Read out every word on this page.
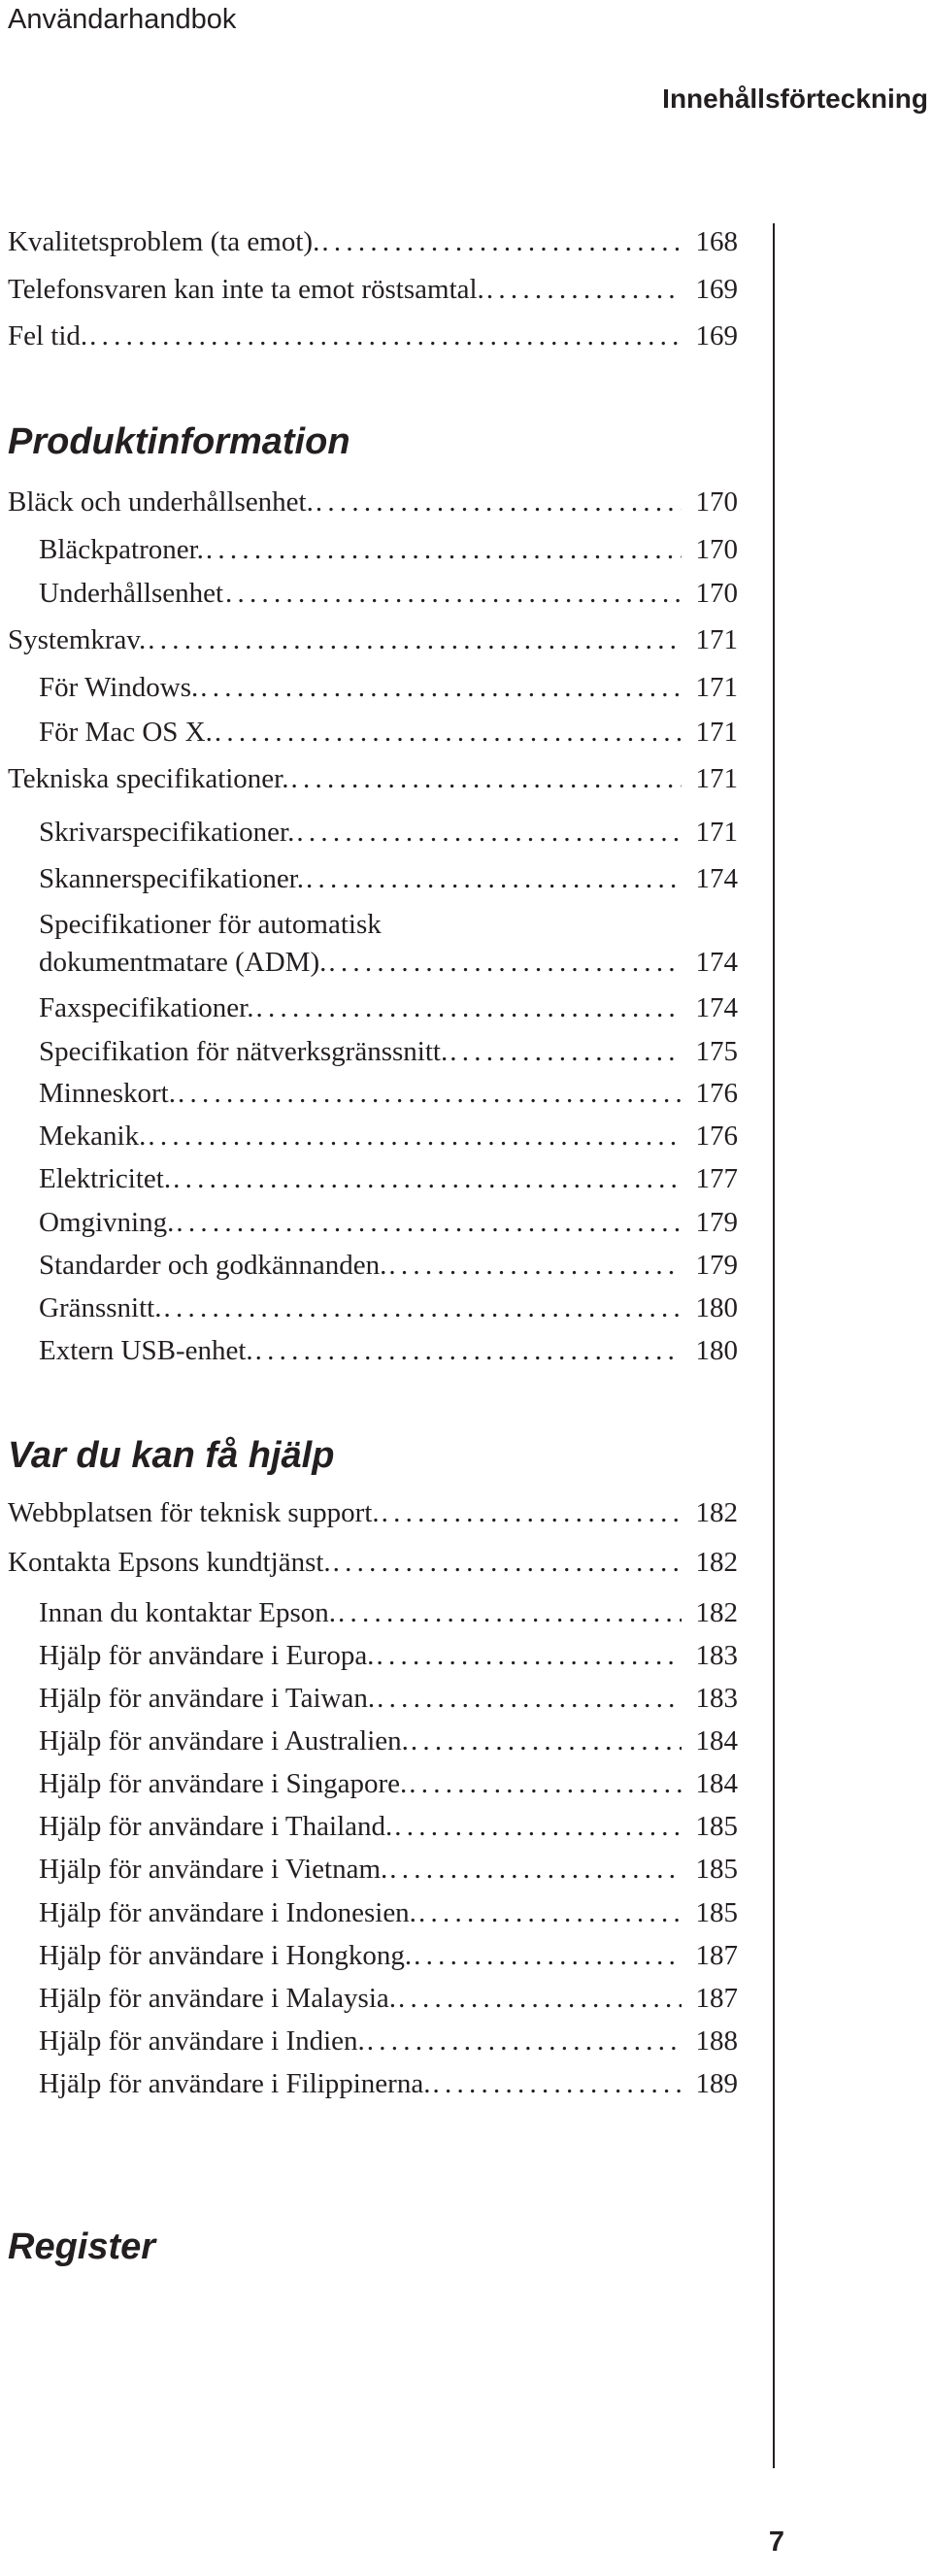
Användarhandbok
Innehållsförteckning
Kvalitetsproblem (ta emot). . . .	168
Telefonsvaren kan inte ta emot röstsamtal. . . .	169
Fel tid. . . .	169
Produktinformation
Bläck och underhållsenhet. . . .	170
Bläckpatroner. . . .	170
Underhållsenhet . . .	170
Systemkrav. . . .	171
För Windows. . . .	171
För Mac OS X. . . .	171
Tekniska specifikationer. . . .	171
Skrivarspecifikationer. . . .	171
Skannerspecifikationer. . . .	174
Specifikationer för automatisk
dokumentmatare (ADM). . . .	174
Faxspecifikationer. . . .	174
Specifikation för nätverksgränssnitt. . . .	175
Minneskort. . . .	176
Mekanik. . . .	176
Elektricitet. . . .	177
Omgivning. . . .	179
Standarder och godkännanden. . . .	179
Gränssnitt. . . .	180
Extern USB-enhet. . . .	180
Var du kan få hjälp
Webbplatsen för teknisk support. . . .	182
Kontakta Epsons kundtjänst. . . .	182
Innan du kontaktar Epson. . . .	182
Hjälp för användare i Europa. . . .	183
Hjälp för användare i Taiwan. . . .	183
Hjälp för användare i Australien. . . .	184
Hjälp för användare i Singapore. . . .	184
Hjälp för användare i Thailand. . . .	185
Hjälp för användare i Vietnam. . . .	185
Hjälp för användare i Indonesien. . . .	185
Hjälp för användare i Hongkong. . . .	187
Hjälp för användare i Malaysia. . . .	187
Hjälp för användare i Indien. . . .	188
Hjälp för användare i Filippinerna. . . .	189
Register
7
